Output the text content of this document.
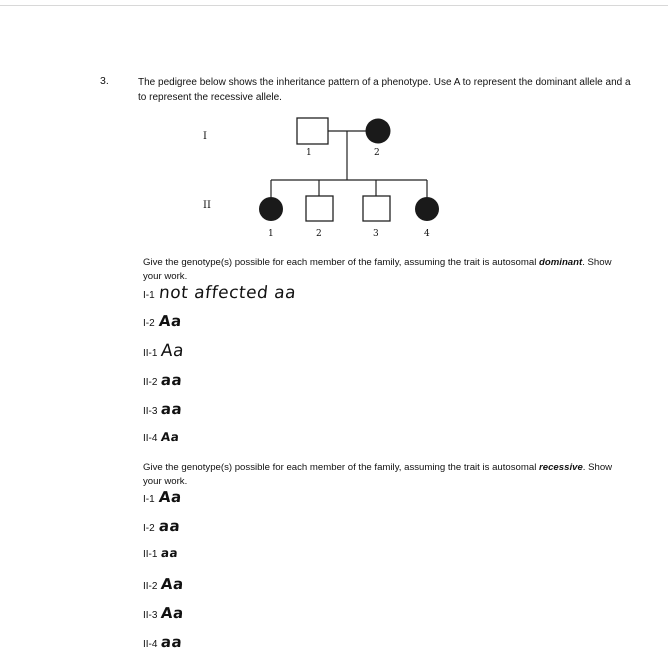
3.	The pedigree below shows the inheritance pattern of a phenotype. Use A to represent the dominant allele and a to represent the recessive allele.
I
II
1	2
1	2	3	4
Give the genotype(s) possible for each member of the family, assuming the trait is autosomal dominant. Show your work.
I-1 not affected aa
I-2 Aa
II-1 Aa
II-2 aa
II-3 aa
II-4 Aa
Give the genotype(s) possible for each member of the family, assuming the trait is autosomal recessive. Show your work.
I-1 Aa
I-2 aa
II-1 aa
II-2 Aa
II-3 Aa
II-4 aa
